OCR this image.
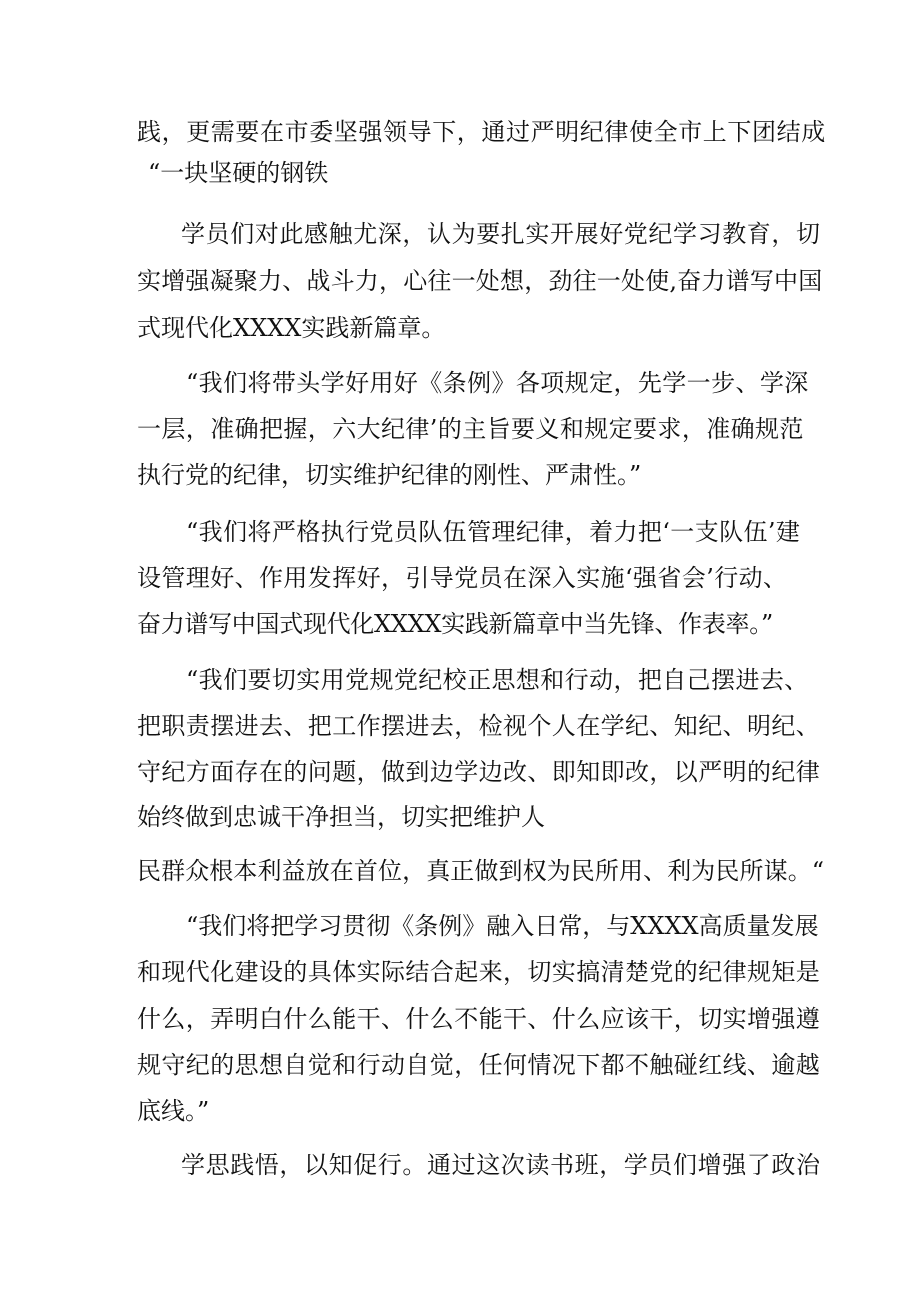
践，更需要在市委坚强领导下，通过严明纪律使全市上下团结成
“一块坚硬的钢铁
学员们对此感触尤深，认为要扎实开展好党纪学习教育，切
实增强凝聚力、战斗力，心往一处想，劲往一处使,奋力谱写中国
式现代化XXXX实践新篇章。
“我们将带头学好用好《条例》各项规定，先学一步、学深
一层，准确把握，六大纪律’的主旨要义和规定要求，准确规范
执行党的纪律，切实维护纪律的刚性、严肃性。”
“我们将严格执行党员队伍管理纪律，着力把‘一支队伍’建
设管理好、作用发挥好，引导党员在深入实施‘强省会’行动、
奋力谱写中国式现代化XXXX实践新篇章中当先锋、作表率。”
“我们要切实用党规党纪校正思想和行动，把自己摆进去、
把职责摆进去、把工作摆进去，检视个人在学纪、知纪、明纪、
守纪方面存在的问题，做到边学边改、即知即改，以严明的纪律
始终做到忠诚干净担当，切实把维护人
民群众根本利益放在首位，真正做到权为民所用、利为民所谋。“
“我们将把学习贯彻《条例》融入日常，与XXXX高质量发展
和现代化建设的具体实际结合起来，切实搞清楚党的纪律规矩是
什么，弄明白什么能干、什么不能干、什么应该干，切实增强遵
规守纪的思想自觉和行动自觉，任何情况下都不触碰红线、逾越
底线。”
学思践悟，以知促行。通过这次读书班，学员们增强了政治
